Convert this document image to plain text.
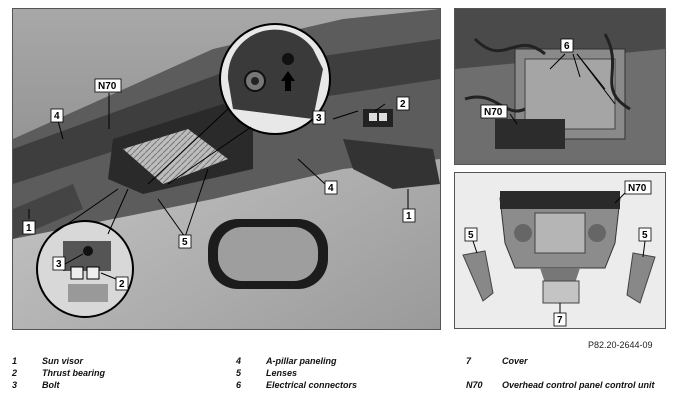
N70
4
2
3
4
1
5
1
3
2
6
N70
N70
5	5
7
P82.20-2644-09
1	Sun visor
2	Thrust bearing
3	Bolt
4	A-pillar paneling
5	Lenses
6	Electrical connectors
7	Cover
N70	Overhead control panel control unit
